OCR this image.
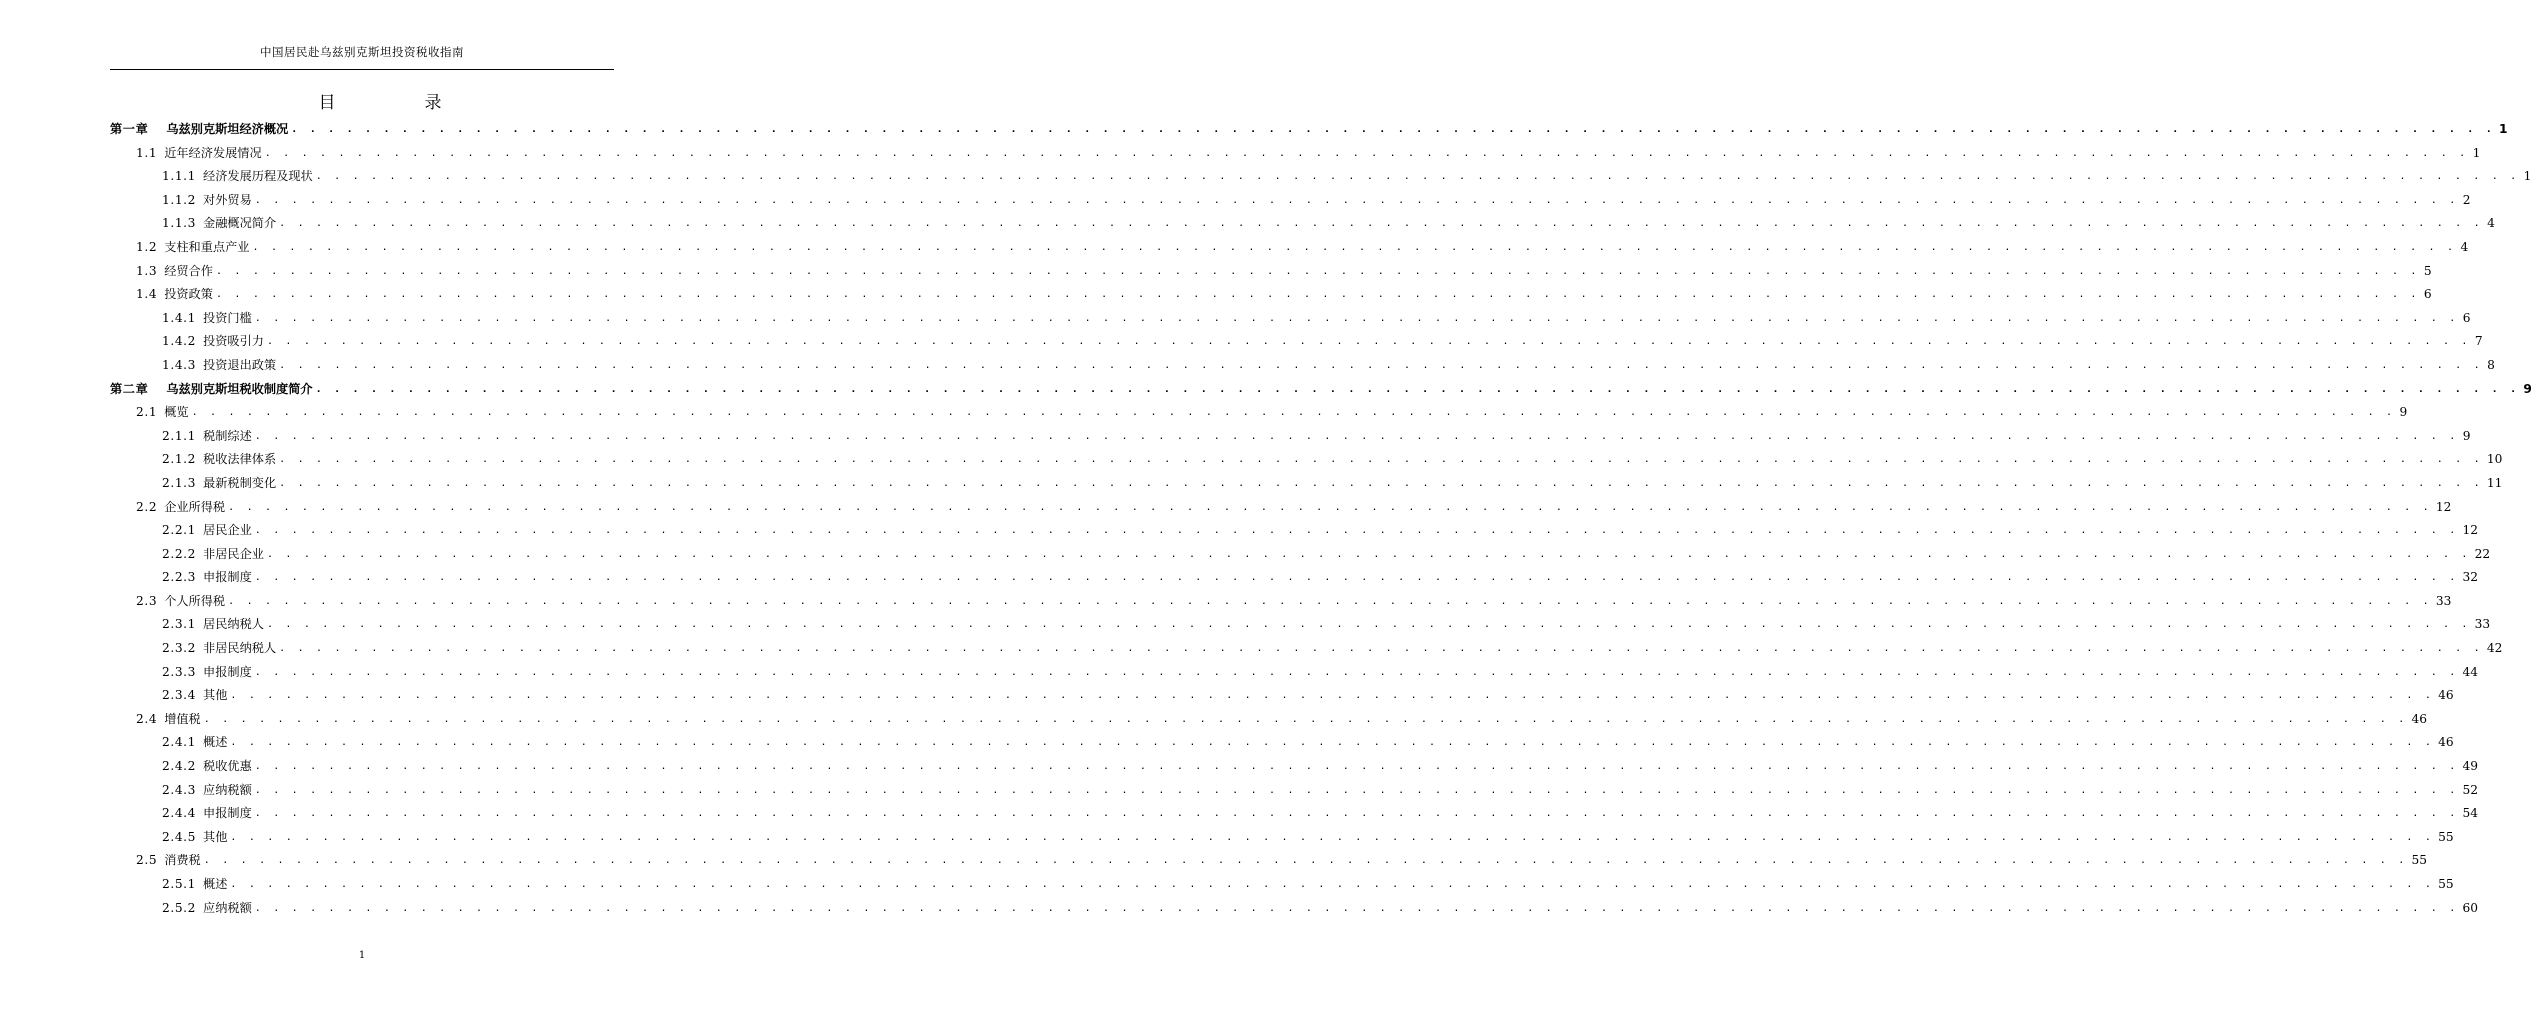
中国居民赴乌兹别克斯坦投资税收指南
目　录
第一章 乌兹别克斯坦经济概况 . . . . . . . . . . . . . . . . . . . . . . . . . . . . . . . . . . . . . . . . . . . . . . . . . . . . . . . . . . . . . . . . . . . . . . . . . . . . . . . . . . . . . . . . . . . . . . . . . . . . . . . . . . . . . . . . . . . . . . . . 1
1.1 近年经济发展情况 . . . . . . . . . . . . . . . . . . . . . . . . . . . . . . . . . . . . . . . . . . . . . . . . . . . . . . . . . . . . . . . . . . . . . . . . . . . . . . . . . . . . . . . . . . . . . . . . . . . . . . . . . . . . . . . . . . . . . . . . 1
1.1.1 经济发展历程及现状 . . . . . . . . . . . . . . . . . . . . . . . . . . . . . . . . . . . . . . . . . . . . . . . . . . . . . . . . . . . . . . . . . . . . . . . . . . . . . . . . . . . . . . . . . . . . . . . . . . . . . . . . . . . . . . . . . . . . . . . . 1
1.1.2 对外贸易 . . . . . . . . . . . . . . . . . . . . . . . . . . . . . . . . . . . . . . . . . . . . . . . . . . . . . . . . . . . . . . . . . . . . . . . . . . . . . . . . . . . . . . . . . . . . . . . . . . . . . . . . . . . . . . . . . . . . . . . . 2
1.1.3 金融概况简介 . . . . . . . . . . . . . . . . . . . . . . . . . . . . . . . . . . . . . . . . . . . . . . . . . . . . . . . . . . . . . . . . . . . . . . . . . . . . . . . . . . . . . . . . . . . . . . . . . . . . . . . . . . . . . . . . . . . . . . . . 4
1.2 支柱和重点产业 . . . . . . . . . . . . . . . . . . . . . . . . . . . . . . . . . . . . . . . . . . . . . . . . . . . . . . . . . . . . . . . . . . . . . . . . . . . . . . . . . . . . . . . . . . . . . . . . . . . . . . . . . . . . . . . . . . . . . . . . 4
1.3 经贸合作 . . . . . . . . . . . . . . . . . . . . . . . . . . . . . . . . . . . . . . . . . . . . . . . . . . . . . . . . . . . . . . . . . . . . . . . . . . . . . . . . . . . . . . . . . . . . . . . . . . . . . . . . . . . . . . . . . . . . . . . . 5
1.4 投资政策 . . . . . . . . . . . . . . . . . . . . . . . . . . . . . . . . . . . . . . . . . . . . . . . . . . . . . . . . . . . . . . . . . . . . . . . . . . . . . . . . . . . . . . . . . . . . . . . . . . . . . . . . . . . . . . . . . . . . . . . . 6
1.4.1 投资门槛 . . . . . . . . . . . . . . . . . . . . . . . . . . . . . . . . . . . . . . . . . . . . . . . . . . . . . . . . . . . . . . . . . . . . . . . . . . . . . . . . . . . . . . . . . . . . . . . . . . . . . . . . . . . . . . . . . . . . . . . . 6
1.4.2 投资吸引力 . . . . . . . . . . . . . . . . . . . . . . . . . . . . . . . . . . . . . . . . . . . . . . . . . . . . . . . . . . . . . . . . . . . . . . . . . . . . . . . . . . . . . . . . . . . . . . . . . . . . . . . . . . . . . . . . . . . . . . . . 7
1.4.3 投资退出政策 . . . . . . . . . . . . . . . . . . . . . . . . . . . . . . . . . . . . . . . . . . . . . . . . . . . . . . . . . . . . . . . . . . . . . . . . . . . . . . . . . . . . . . . . . . . . . . . . . . . . . . . . . . . . . . . . . . . . . . . . 8
第二章 乌兹别克斯坦税收制度简介 . . . . . . . . . . . . . . . . . . . . . . . . . . . . . . . . . . . . . . . . . . . . . . . . . . . . . . . . . . . . . . . . . . . . . . . . . . . . . . . . . . . . . . . . . . . . . . . . . . . . . . . . . . . . . . . . . . . . . . . . 9
2.1 概览 . . . . . . . . . . . . . . . . . . . . . . . . . . . . . . . . . . . . . . . . . . . . . . . . . . . . . . . . . . . . . . . . . . . . . . . . . . . . . . . . . . . . . . . . . . . . . . . . . . . . . . . . . . . . . . . . . . . . . . . . 9
2.1.1 税制综述 . . . . . . . . . . . . . . . . . . . . . . . . . . . . . . . . . . . . . . . . . . . . . . . . . . . . . . . . . . . . . . . . . . . . . . . . . . . . . . . . . . . . . . . . . . . . . . . . . . . . . . . . . . . . . . . . . . . . . . . . 9
2.1.2 税收法律体系 . . . . . . . . . . . . . . . . . . . . . . . . . . . . . . . . . . . . . . . . . . . . . . . . . . . . . . . . . . . . . . . . . . . . . . . . . . . . . . . . . . . . . . . . . . . . . . . . . . . . . . . . . . . . . . . . . . . . . . . . 10
2.1.3 最新税制变化 . . . . . . . . . . . . . . . . . . . . . . . . . . . . . . . . . . . . . . . . . . . . . . . . . . . . . . . . . . . . . . . . . . . . . . . . . . . . . . . . . . . . . . . . . . . . . . . . . . . . . . . . . . . . . . . . . . . . . . . . 11
2.2 企业所得税 . . . . . . . . . . . . . . . . . . . . . . . . . . . . . . . . . . . . . . . . . . . . . . . . . . . . . . . . . . . . . . . . . . . . . . . . . . . . . . . . . . . . . . . . . . . . . . . . . . . . . . . . . . . . . . . . . . . . . . . . 12
2.2.1 居民企业 . . . . . . . . . . . . . . . . . . . . . . . . . . . . . . . . . . . . . . . . . . . . . . . . . . . . . . . . . . . . . . . . . . . . . . . . . . . . . . . . . . . . . . . . . . . . . . . . . . . . . . . . . . . . . . . . . . . . . . . . 12
2.2.2 非居民企业 . . . . . . . . . . . . . . . . . . . . . . . . . . . . . . . . . . . . . . . . . . . . . . . . . . . . . . . . . . . . . . . . . . . . . . . . . . . . . . . . . . . . . . . . . . . . . . . . . . . . . . . . . . . . . . . . . . . . . . . . 22
2.2.3 申报制度 . . . . . . . . . . . . . . . . . . . . . . . . . . . . . . . . . . . . . . . . . . . . . . . . . . . . . . . . . . . . . . . . . . . . . . . . . . . . . . . . . . . . . . . . . . . . . . . . . . . . . . . . . . . . . . . . . . . . . . . . 32
2.3 个人所得税 . . . . . . . . . . . . . . . . . . . . . . . . . . . . . . . . . . . . . . . . . . . . . . . . . . . . . . . . . . . . . . . . . . . . . . . . . . . . . . . . . . . . . . . . . . . . . . . . . . . . . . . . . . . . . . . . . . . . . . . . 33
2.3.1 居民纳税人 . . . . . . . . . . . . . . . . . . . . . . . . . . . . . . . . . . . . . . . . . . . . . . . . . . . . . . . . . . . . . . . . . . . . . . . . . . . . . . . . . . . . . . . . . . . . . . . . . . . . . . . . . . . . . . . . . . . . . . . . 33
2.3.2 非居民纳税人 . . . . . . . . . . . . . . . . . . . . . . . . . . . . . . . . . . . . . . . . . . . . . . . . . . . . . . . . . . . . . . . . . . . . . . . . . . . . . . . . . . . . . . . . . . . . . . . . . . . . . . . . . . . . . . . . . . . . . . . . 42
2.3.3 申报制度 . . . . . . . . . . . . . . . . . . . . . . . . . . . . . . . . . . . . . . . . . . . . . . . . . . . . . . . . . . . . . . . . . . . . . . . . . . . . . . . . . . . . . . . . . . . . . . . . . . . . . . . . . . . . . . . . . . . . . . . . 44
2.3.4 其他 . . . . . . . . . . . . . . . . . . . . . . . . . . . . . . . . . . . . . . . . . . . . . . . . . . . . . . . . . . . . . . . . . . . . . . . . . . . . . . . . . . . . . . . . . . . . . . . . . . . . . . . . . . . . . . . . . . . . . . . . 46
2.4 增值税 . . . . . . . . . . . . . . . . . . . . . . . . . . . . . . . . . . . . . . . . . . . . . . . . . . . . . . . . . . . . . . . . . . . . . . . . . . . . . . . . . . . . . . . . . . . . . . . . . . . . . . . . . . . . . . . . . . . . . . . . 46
2.4.1 概述 . . . . . . . . . . . . . . . . . . . . . . . . . . . . . . . . . . . . . . . . . . . . . . . . . . . . . . . . . . . . . . . . . . . . . . . . . . . . . . . . . . . . . . . . . . . . . . . . . . . . . . . . . . . . . . . . . . . . . . . . 46
2.4.2 税收优惠 . . . . . . . . . . . . . . . . . . . . . . . . . . . . . . . . . . . . . . . . . . . . . . . . . . . . . . . . . . . . . . . . . . . . . . . . . . . . . . . . . . . . . . . . . . . . . . . . . . . . . . . . . . . . . . . . . . . . . . . . 49
2.4.3 应纳税额 . . . . . . . . . . . . . . . . . . . . . . . . . . . . . . . . . . . . . . . . . . . . . . . . . . . . . . . . . . . . . . . . . . . . . . . . . . . . . . . . . . . . . . . . . . . . . . . . . . . . . . . . . . . . . . . . . . . . . . . . 52
2.4.4 申报制度 . . . . . . . . . . . . . . . . . . . . . . . . . . . . . . . . . . . . . . . . . . . . . . . . . . . . . . . . . . . . . . . . . . . . . . . . . . . . . . . . . . . . . . . . . . . . . . . . . . . . . . . . . . . . . . . . . . . . . . . . 54
2.4.5 其他 . . . . . . . . . . . . . . . . . . . . . . . . . . . . . . . . . . . . . . . . . . . . . . . . . . . . . . . . . . . . . . . . . . . . . . . . . . . . . . . . . . . . . . . . . . . . . . . . . . . . . . . . . . . . . . . . . . . . . . . . 55
2.5 消费税 . . . . . . . . . . . . . . . . . . . . . . . . . . . . . . . . . . . . . . . . . . . . . . . . . . . . . . . . . . . . . . . . . . . . . . . . . . . . . . . . . . . . . . . . . . . . . . . . . . . . . . . . . . . . . . . . . . . . . . . . 55
2.5.1 概述 . . . . . . . . . . . . . . . . . . . . . . . . . . . . . . . . . . . . . . . . . . . . . . . . . . . . . . . . . . . . . . . . . . . . . . . . . . . . . . . . . . . . . . . . . . . . . . . . . . . . . . . . . . . . . . . . . . . . . . . . 55
2.5.2 应纳税额 . . . . . . . . . . . . . . . . . . . . . . . . . . . . . . . . . . . . . . . . . . . . . . . . . . . . . . . . . . . . . . . . . . . . . . . . . . . . . . . . . . . . . . . . . . . . . . . . . . . . . . . . . . . . . . . . . . . . . . . . 60
1
